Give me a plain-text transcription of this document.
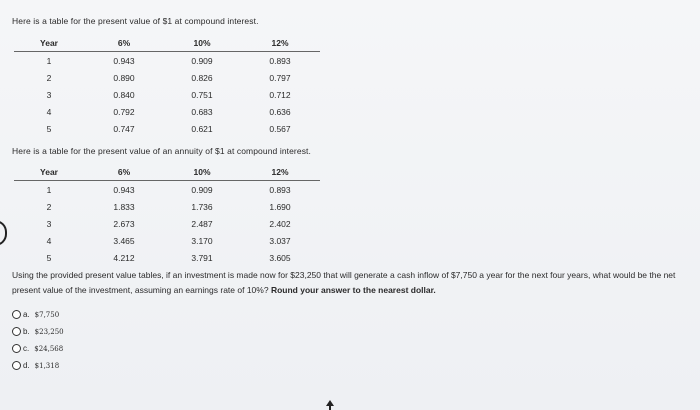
Here is a table for the present value of $1 at compound interest.
Year	6%	10%	12%
1	0.943	0.909	0.893
2	0.890	0.826	0.797
3	0.840	0.751	0.712
4	0.792	0.683	0.636
5	0.747	0.621	0.567
Here is a table for the present value of an annuity of $1 at compound interest.
Year	6%	10%	12%
1	0.943	0.909	0.893
2	1.833	1.736	1.690
3	2.673	2.487	2.402
4	3.465	3.170	3.037
5	4.212	3.791	3.605
Using the provided present value tables, if an investment is made now for $23,250 that will generate a cash inflow of $7,750 a year for the next four years, what would be the net present value of the investment, assuming an earnings rate of 10%? Round your answer to the nearest dollar.
a. $7,750
b. $23,250
c. $24,568
d. $1,318
